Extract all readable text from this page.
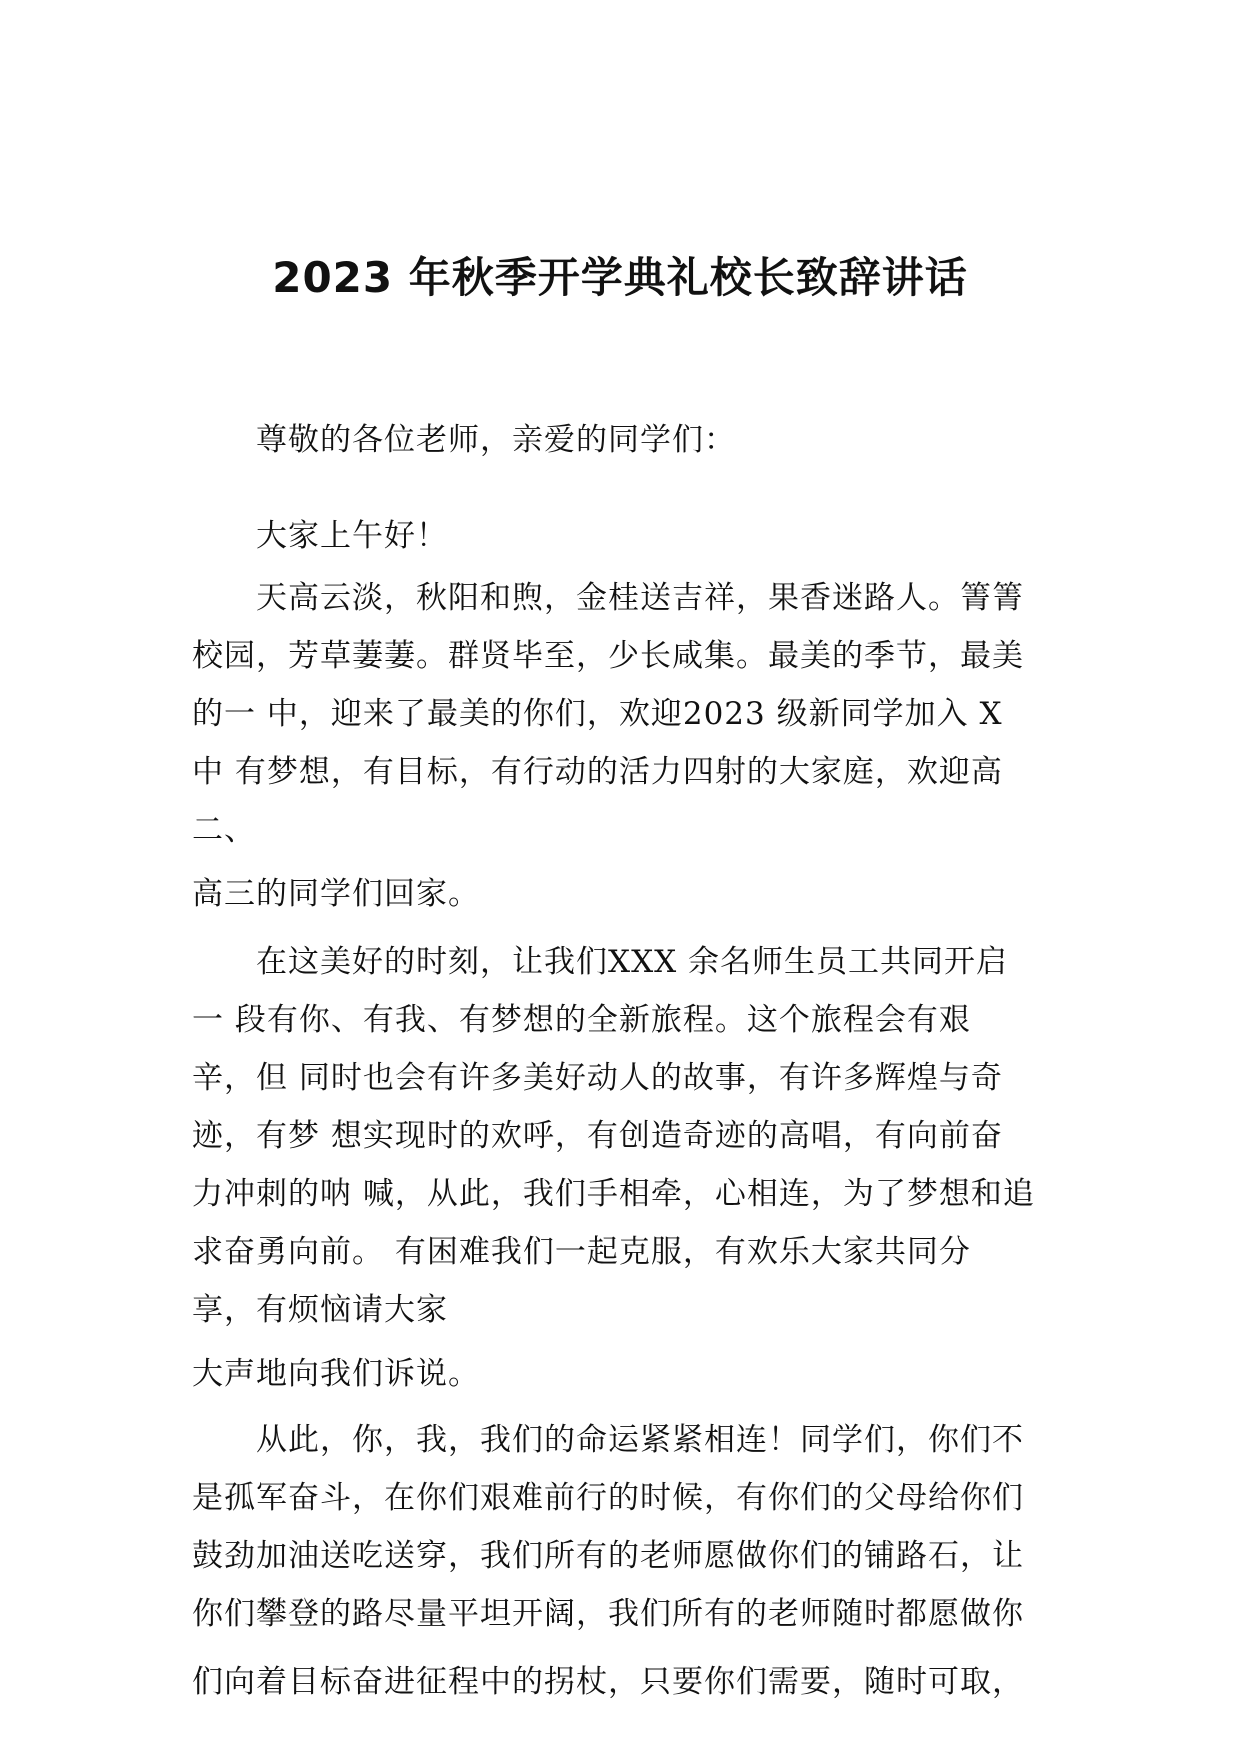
2023 年秋季开学典礼校长致辞讲话
尊敬的各位老师，亲爱的同学们：
大家上午好！
天高云淡，秋阳和煦，金桂送吉祥，果香迷路人。箐箐
校园，芳草萋萋。群贤毕至，少长咸集。最美的季节，最美
的一 中，迎来了最美的你们，欢迎2023 级新同学加入 X
中 有梦想，有目标，有行动的活力四射的大家庭，欢迎高
二、
高三的同学们回家。
在这美好的时刻，让我们XXX 余名师生员工共同开启
一 段有你、有我、有梦想的全新旅程。这个旅程会有艰
辛，但 同时也会有许多美好动人的故事，有许多辉煌与奇
迹，有梦 想实现时的欢呼，有创造奇迹的高唱，有向前奋
力冲刺的呐 喊，从此，我们手相牵，心相连，为了梦想和追
求奋勇向前。 有困难我们一起克服，有欢乐大家共同分
享，有烦恼请大家
大声地向我们诉说。
从此，你，我，我们的命运紧紧相连！同学们，你们不
是孤军奋斗，在你们艰难前行的时候，有你们的父母给你们
鼓劲加油送吃送穿，我们所有的老师愿做你们的铺路石，让
你们攀登的路尽量平坦开阔，我们所有的老师随时都愿做你
们向着目标奋进征程中的拐杖，只要你们需要，随时可取，
